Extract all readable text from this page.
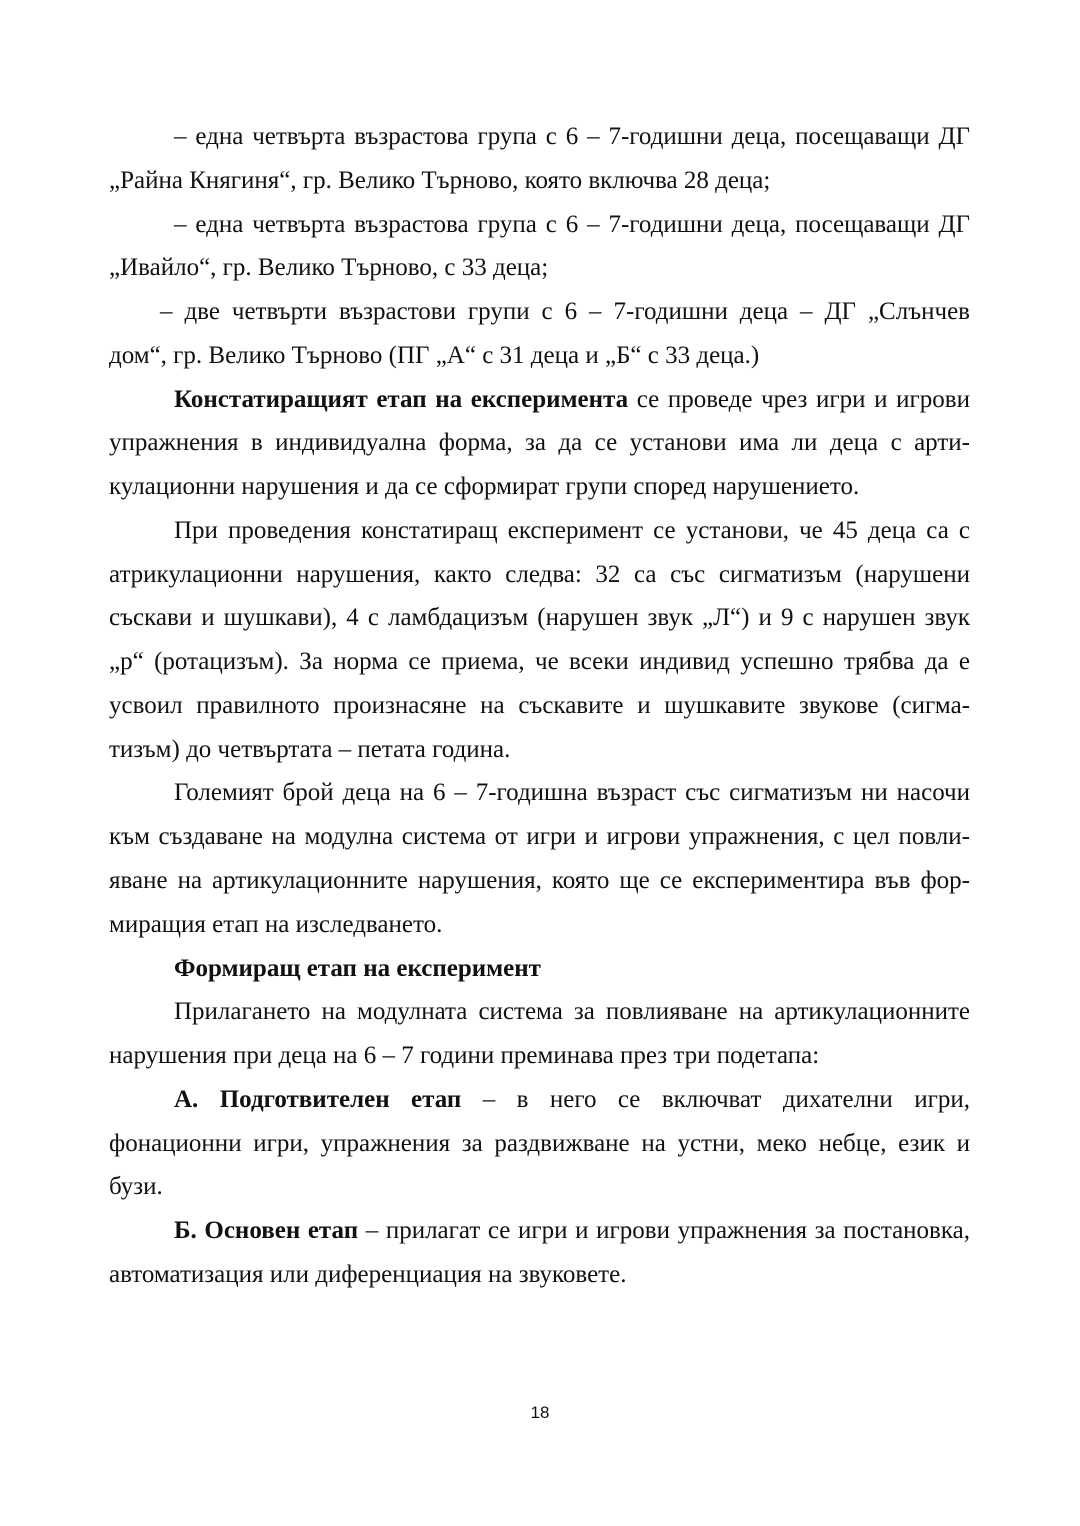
– една четвърта възрастова група с 6 – 7-годишни деца, посещаващи ДГ
„Райна Княгиня“, гр. Велико Търново, която включва 28 деца;
– една четвърта възрастова група с 6 – 7-годишни деца, посещаващи ДГ
„Ивайло“, гр. Велико Търново, с 33 деца;
– две четвърти възрастови групи с 6 – 7-годишни деца – ДГ „Слънчев
дом“, гр. Велико Търново (ПГ „А“ с 31 деца и „Б“ с 33 деца.)
Констатиращият етап на експеримента се проведе чрез игри и игрови
упражнения в индивидуална форма, за да се установи има ли деца с арти-
кулационни нарушения и да се сформират групи според нарушението.
При проведения констатиращ експеримент се установи, че 45 деца са с
атрикулационни нарушения, както следва: 32 са със сигматизъм (нарушени
съскави и шушкави), 4 с ламбдацизъм (нарушен звук „Л“) и 9 с нарушен звук
„р“ (ротацизъм). За норма се приема, че всеки индивид успешно трябва да е
усвоил правилното произнасяне на съскавите и шушкавите звукове (сигма-
тизъм) до четвъртата – петата година.
Големият брой деца на 6 – 7-годишна възраст със сигматизъм ни насочи
към създаване на модулна система от игри и игрови упражнения, с цел повли-
яване на артикулационните нарушения, която ще се експериментира във фор-
миращия етап на изследването.
Формиращ етап на експеримент
Прилагането на модулната система за повлияване на артикулационните
нарушения при деца на 6 – 7 години преминава през три подетапа:
А. Подготвителен етап – в него се включват дихателни игри,
фонационни игри, упражнения за раздвижване на устни, меко небце, език и
бузи.
Б. Основен етап – прилагат се игри и игрови упражнения за постановка,
автоматизация или диференциация на звуковете.
18
